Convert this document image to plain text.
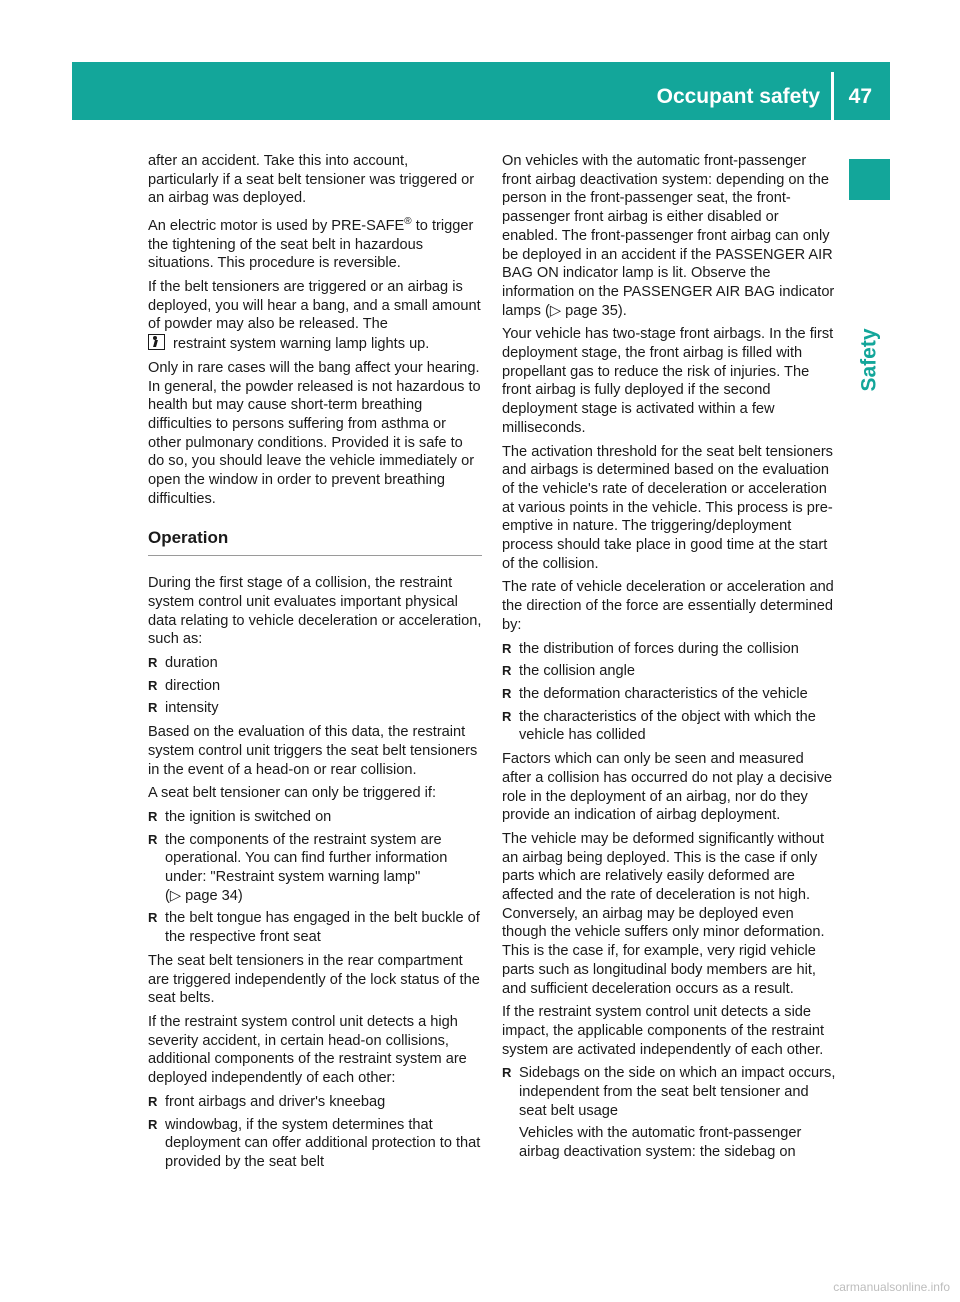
Occupant safety 47
Safety

after an accident. Take this into account, particularly if a seat belt tensioner was triggered or an airbag was deployed.

An electric motor is used by PRE-SAFE® to trigger the tightening of the seat belt in hazardous situations. This procedure is reversible.

If the belt tensioners are triggered or an airbag is deployed, you will hear a bang, and a small amount of powder may also be released. The
restraint system warning lamp lights up.

Only in rare cases will the bang affect your hearing. In general, the powder released is not hazardous to health but may cause short-term breathing difficulties to persons suffering from asthma or other pulmonary conditions. Provided it is safe to do so, you should leave the vehicle immediately or open the window in order to prevent breathing difficulties.

Operation

During the first stage of a collision, the restraint system control unit evaluates important physical data relating to vehicle deceleration or acceleration, such as:

R duration
R direction
R intensity

Based on the evaluation of this data, the restraint system control unit triggers the seat belt tensioners in the event of a head-on or rear collision.

A seat belt tensioner can only be triggered if:

R the ignition is switched on
R the components of the restraint system are operational. You can find further information under: "Restraint system warning lamp"
(▷ page 34)
R the belt tongue has engaged in the belt buckle of the respective front seat

The seat belt tensioners in the rear compartment are triggered independently of the lock status of the seat belts.

If the restraint system control unit detects a high severity accident, in certain head-on collisions, additional components of the restraint system are deployed independently of each other:

R front airbags and driver's kneebag
R windowbag, if the system determines that deployment can offer additional protection to that provided by the seat belt

On vehicles with the automatic front-passenger front airbag deactivation system: depending on the person in the front-passenger seat, the front-passenger front airbag is either disabled or enabled. The front-passenger front airbag can only be deployed in an accident if the PASSENGER AIR BAG ON indicator lamp is lit. Observe the information on the PASSENGER AIR BAG indicator lamps (▷ page 35).

Your vehicle has two-stage front airbags. In the first deployment stage, the front airbag is filled with propellant gas to reduce the risk of injuries. The front airbag is fully deployed if the second deployment stage is activated within a few milliseconds.

The activation threshold for the seat belt tensioners and airbags is determined based on the evaluation of the vehicle's rate of deceleration or acceleration at various points in the vehicle. This process is pre-emptive in nature. The triggering/deployment process should take place in good time at the start of the collision.

The rate of vehicle deceleration or acceleration and the direction of the force are essentially determined by:

R the distribution of forces during the collision
R the collision angle
R the deformation characteristics of the vehicle
R the characteristics of the object with which the vehicle has collided

Factors which can only be seen and measured after a collision has occurred do not play a decisive role in the deployment of an airbag, nor do they provide an indication of airbag deployment.

The vehicle may be deformed significantly without an airbag being deployed. This is the case if only parts which are relatively easily deformed are affected and the rate of deceleration is not high. Conversely, an airbag may be deployed even though the vehicle suffers only minor deformation. This is the case if, for example, very rigid vehicle parts such as longitudinal body members are hit, and sufficient deceleration occurs as a result.

If the restraint system control unit detects a side impact, the applicable components of the restraint system are activated independently of each other.

R Sidebags on the side on which an impact occurs, independent from the seat belt tensioner and seat belt usage

Vehicles with the automatic front-passenger airbag deactivation system: the sidebag on

carmanualsonline.info
